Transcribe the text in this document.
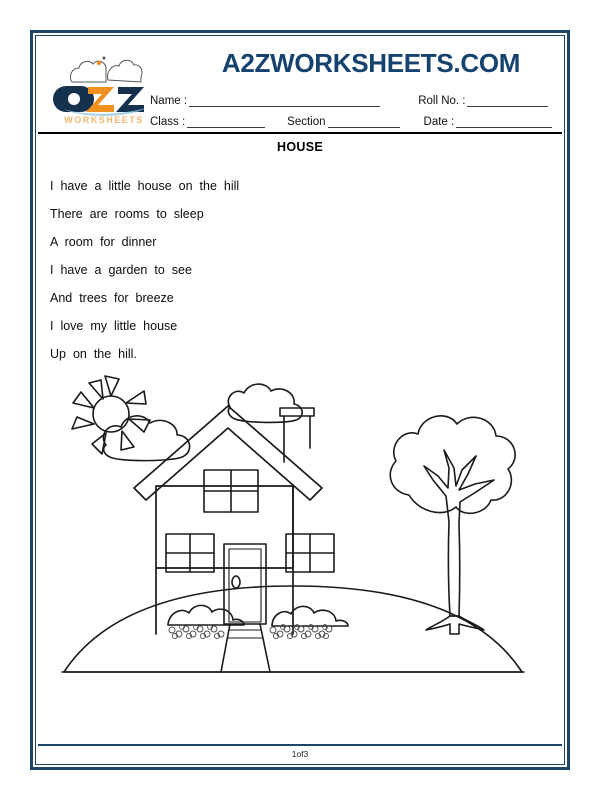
WORKSHEETS
A2ZWORKSHEETS.COM
Name :	Roll No. :
Class :	Section	Date :
HOUSE
I have a little house on the hill
There are rooms to sleep
A room for dinner
I have a garden to see
And trees for breeze
I love my little house
Up on the hill.
1of3
